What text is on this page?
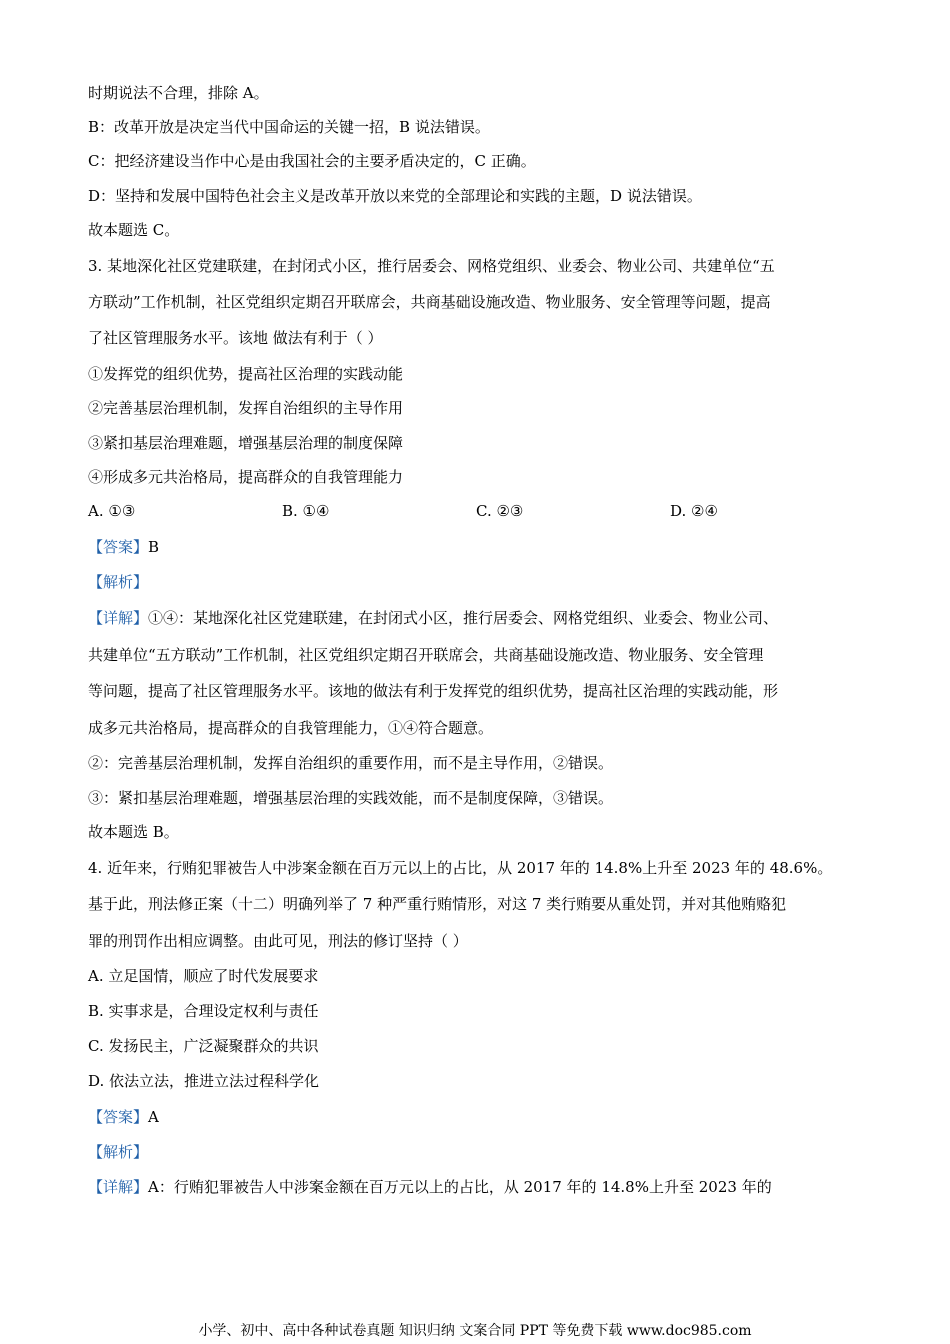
时期说法不合理，排除 A。
B：改革开放是决定当代中国命运的关键一招，B 说法错误。
C：把经济建设当作中心是由我国社会的主要矛盾决定的，C 正确。
D：坚持和发展中国特色社会主义是改革开放以来党的全部理论和实践的主题，D 说法错误。
故本题选 C。
3. 某地深化社区党建联建，在封闭式小区，推行居委会、网格党组织、业委会、物业公司、共建单位“五
方联动”工作机制，社区党组织定期召开联席会，共商基础设施改造、物业服务、安全管理等问题，提高
了社区管理服务水平。该地 做法有利于（ ）
①发挥党的组织优势，提高社区治理的实践动能
②完善基层治理机制，发挥自治组织的主导作用
③紧扣基层治理难题，增强基层治理的制度保障
④形成多元共治格局，提高群众的自我管理能力
A. ①③	B. ①④	C. ②③	D. ②④
【答案】B
【解析】
【详解】①④：某地深化社区党建联建，在封闭式小区，推行居委会、网格党组织、业委会、物业公司、
共建单位“五方联动”工作机制，社区党组织定期召开联席会，共商基础设施改造、物业服务、安全管理
等问题，提高了社区管理服务水平。该地的做法有利于发挥党的组织优势，提高社区治理的实践动能，形
成多元共治格局，提高群众的自我管理能力，①④符合题意。
②：完善基层治理机制，发挥自治组织的重要作用，而不是主导作用，②错误。
③：紧扣基层治理难题，增强基层治理的实践效能，而不是制度保障，③错误。
故本题选 B。
4. 近年来，行贿犯罪被告人中涉案金额在百万元以上的占比，从 2017 年的 14.8%上升至 2023 年的 48.6%。
基于此，刑法修正案（十二）明确列举了 7 种严重行贿情形，对这 7 类行贿要从重处罚，并对其他贿赂犯
罪的刑罚作出相应调整。由此可见，刑法的修订坚持（ ）
A. 立足国情，顺应了时代发展要求
B. 实事求是，合理设定权利与责任
C. 发扬民主，广泛凝聚群众的共识
D. 依法立法，推进立法过程科学化
【答案】A
【解析】
【详解】A：行贿犯罪被告人中涉案金额在百万元以上的占比，从 2017 年的 14.8%上升至 2023 年的
小学、初中、高中各种试卷真题 知识归纳 文案合同 PPT 等免费下载 www.doc985.com
